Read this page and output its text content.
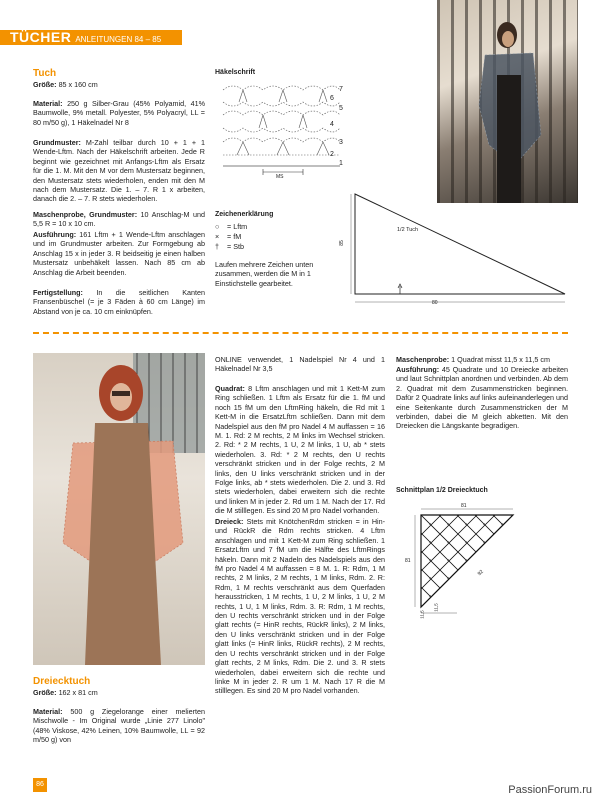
TÜCHER ANLEITUNGEN 84 – 85
Tuch
Größe: 85 x 160 cm
Material: 250 g Silber-Grau (45% Polyamid, 41% Baumwolle, 9% metall. Polyester, 5% Polyacryl, LL = 80 m/50 g), 1 Häkelnadel Nr 8
Grundmuster: M-Zahl teilbar durch 10 + 1 + 1 Wende-Lftm. Nach der Häkelschrift arbeiten. Jede R beginnt wie gezeichnet mit Anfangs-Lftm als Ersatz für die 1. M. Mit den M vor dem Mustersatz beginnen, den Mustersatz stets wiederholen, enden mit den M nach dem Mustersatz. Die 1. – 7. R 1 x arbeiten, danach die 2. – 7. R stets wiederholen.
Maschenprobe, Grundmuster: 10 Anschlag-M und 5,5 R = 10 x 10 cm.
Ausführung: 161 Lftm + 1 Wende-Lftm anschlagen und im Grundmuster arbeiten. Zur Formgebung ab Anschlag 15 x in jeder 3. R beidseitig je einen halben Mustersatz unbehäkelt lassen. Nach 85 cm ab Anschlag die Arbeit beenden.
Fertigstellung: In die seitlichen Kanten Fransenbüschel (= je 3 Fäden à 60 cm Länge) im Abstand von je ca. 10 cm einknüpfen.
Häkelschrift
7
6
5
4
3
2
1
MS
Zeichenerklärung
○ = Lftm
× = fM
† = Stb
Laufen mehrere Zeichen unten zusammen, werden die M in 1 Einstichstelle gearbeitet.
1/2 Tuch
85
80
Dreiecktuch
Größe: 162 x 81 cm
Material: 500 g Ziegelorange einer melierten Mischwolle - Im Original wurde „Linie 277 Linolo" (48% Viskose, 42% Leinen, 10% Baumwolle, LL = 92 m/50 g) von
ONLINE verwendet, 1 Nadelspiel Nr 4 und 1 Häkelnadel Nr 3,5
Quadrat: 8 Lftm anschlagen und mit 1 Kett-M zum Ring schließen. 1 Lftm als Ersatz für die 1. fM und noch 15 fM um den LftmRing häkeln, die Rd mit 1 Kett-M in die ErsatzLftm schließen. Dann mit dem Nadelspiel aus den fM pro Nadel 4 M auffassen = 16 M. 1. Rd: 2 M rechts, 2 M links im Wechsel stricken. 2. Rd: * 2 M rechts, 1 U, 2 M links, 1 U, ab * stets wiederholen. 3. Rd: * 2 M rechts, den U rechts verschränkt stricken und in der Folge rechts, 2 M links, den U links verschränkt stricken und in der Folge links, ab * stets wiederholen. Die 2. und 3. Rd stets wiederholen, dabei erweitern sich die rechte und linken M in jeder 2. Rd um 1 M. Nach der 17. Rd die M stilllegen. Es sind 20 M pro Nadel vorhanden.
Dreieck: Stets mit KnötchenRdm stricken = in Hin- und RückR die Rdm rechts stricken. 4 Lftm anschlagen und mit 1 Kett-M zum Ring schließen. 1 ErsatzLftm und 7 fM um die Hälfte des LftmRings häkeln. Dann mit 2 Nadeln des Nadelspiels aus den fM pro Nadel 4 M auffassen = 8 M. 1. R: Rdm, 1 M rechts, 2 M links, 2 M rechts, 1 M links, Rdm. 2. R: Rdm, 1 M rechts verschränkt aus dem Querfaden herausstricken, 1 M rechts, 1 U, 2 M links, 1 U, 2 M rechts, 1 U, 1 M links, Rdm. 3. R: Rdm, 1 M rechts, den U rechts verschränkt stricken und in der Folge glatt rechts (= HinR rechts, RückR links), 2 M links, den U links verschränkt stricken und in der Folge glatt links (= HinR links, RückR rechts), 2 M rechts, den U rechts verschränkt stricken und in der Folge glatt rechts, 2 M links, Rdm. Die 2. und 3. R stets wiederholen, dabei erweitern sich die rechte und linke M in jeder 2. R um 1 M. Nach 17 R die M stilllegen. Es sind 20 M pro Nadel vorhanden.
Maschenprobe: 1 Quadrat misst 11,5 x 11,5 cm
Ausführung: 45 Quadrate und 10 Dreiecke arbeiten und laut Schnittplan anordnen und verbinden. Ab dem 2. Quadrat mit dem Zusammenstricken beginnen. Dafür 2 Quadrate links auf links aufeinanderlegen und eine Seitenkante durch Zusammenstricken der M verbinden, dabei die M gleich abketten. Mit den Dreiecken die Längskante begradigen.
Schnittplan 1/2 Dreiecktuch
81
81
92
11,5
11,5
86	PassionForum.ru
